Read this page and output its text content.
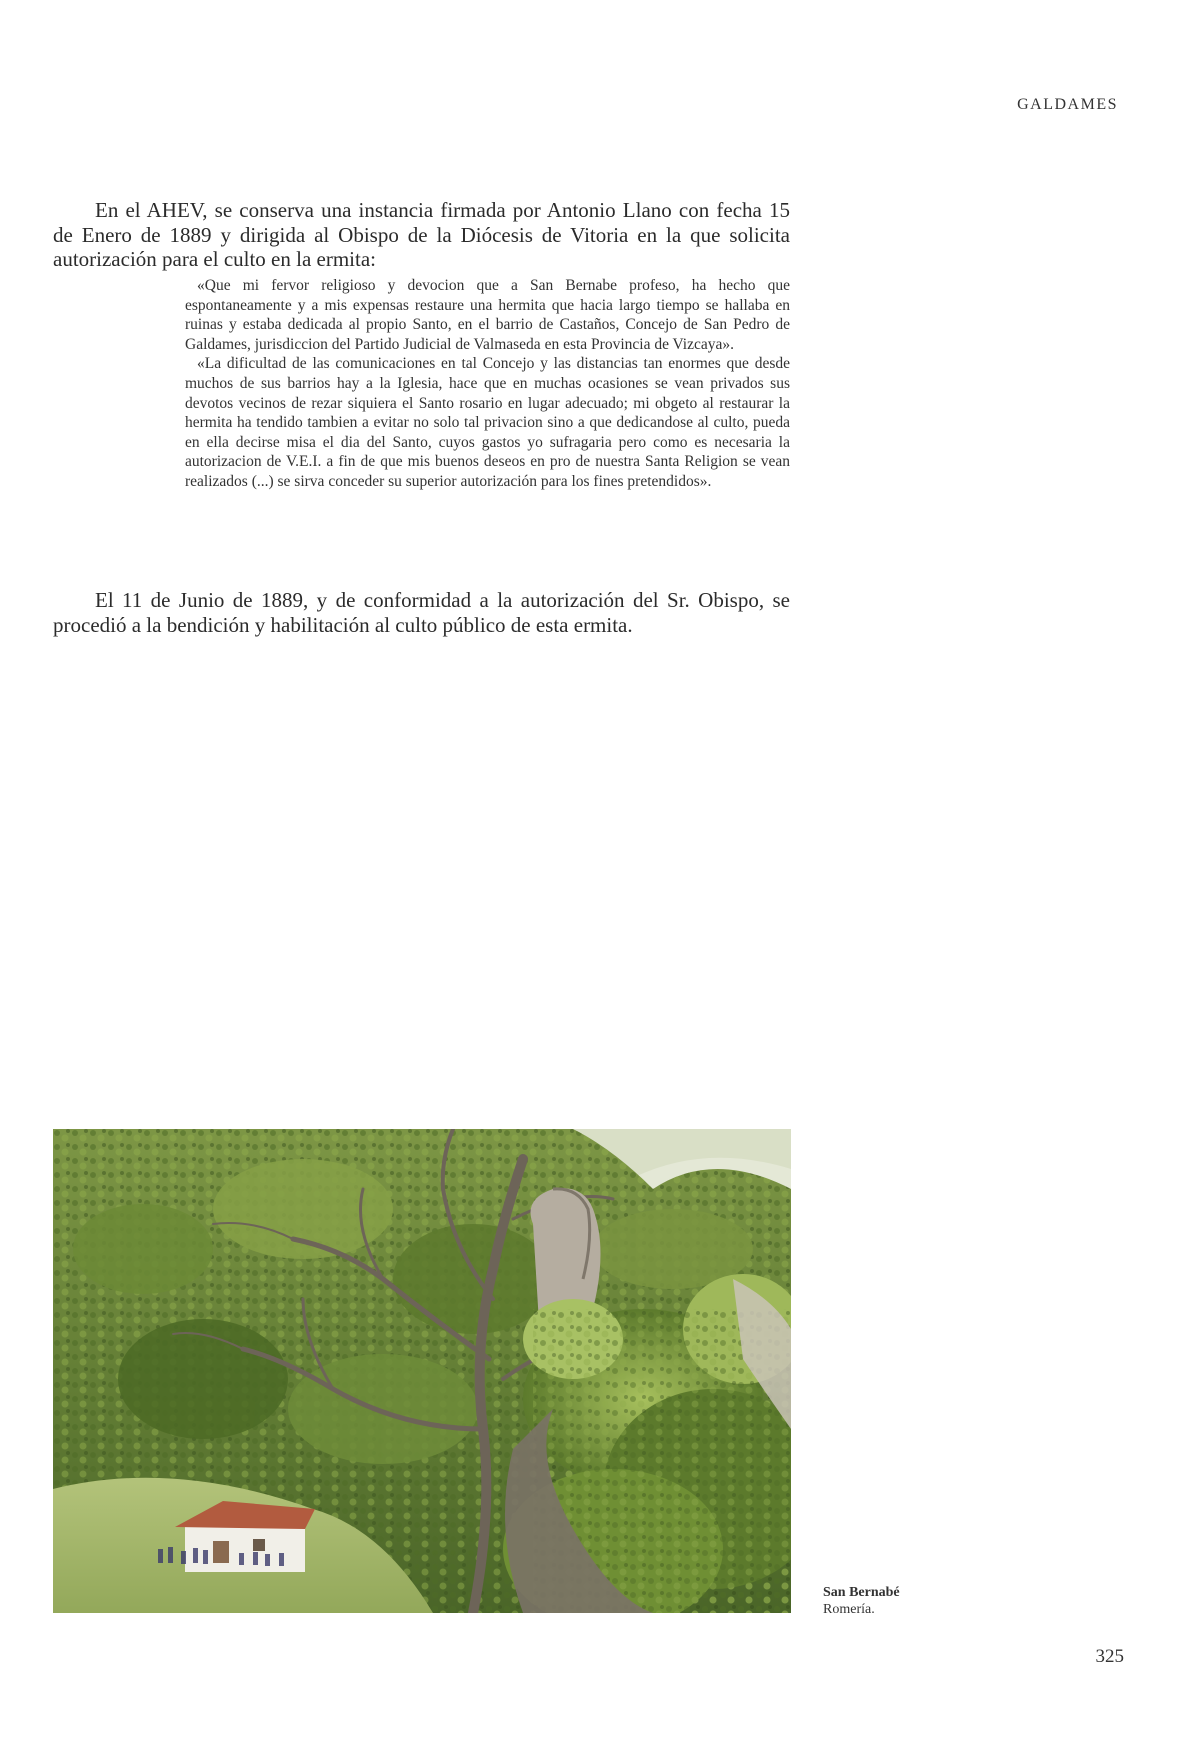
GALDAMES

En el AHEV, se conserva una instancia firmada por Antonio Llano con fecha 15 de Enero de 1889 y dirigida al Obispo de la Diócesis de Vitoria en la que solicita autorización para el culto en la ermita:

«Que mi fervor religioso y devocion que a San Bernabe profeso, ha hecho que espontaneamente y a mis expensas restaure una hermita que hacia largo tiempo se hallaba en ruinas y estaba dedicada al propio Santo, en el barrio de Castaños, Concejo de San Pedro de Galdames, jurisdiccion del Partido Judicial de Valmaseda en esta Provincia de Vizcaya».

«La dificultad de las comunicaciones en tal Concejo y las distancias tan enormes que desde muchos de sus barrios hay a la Iglesia, hace que en muchas ocasiones se vean privados sus devotos vecinos de rezar siquiera el Santo rosario en lugar adecuado; mi obgeto al restaurar la hermita ha tendido tambien a evitar no solo tal privacion sino a que dedicandose al culto, pueda en ella decirse misa el dia del Santo, cuyos gastos yo sufragaria pero como es necesaria la autorizacion de V.E.I. a fin de que mis buenos deseos en pro de nuestra Santa Religion se vean realizados (...) se sirva conceder su superior autorización para los fines pretendidos».

El 11 de Junio de 1889, y de conformidad a la autorización del Sr. Obispo, se procedió a la bendición y habilitación al culto público de esta ermita.

San Bernabé
Romería.
325
